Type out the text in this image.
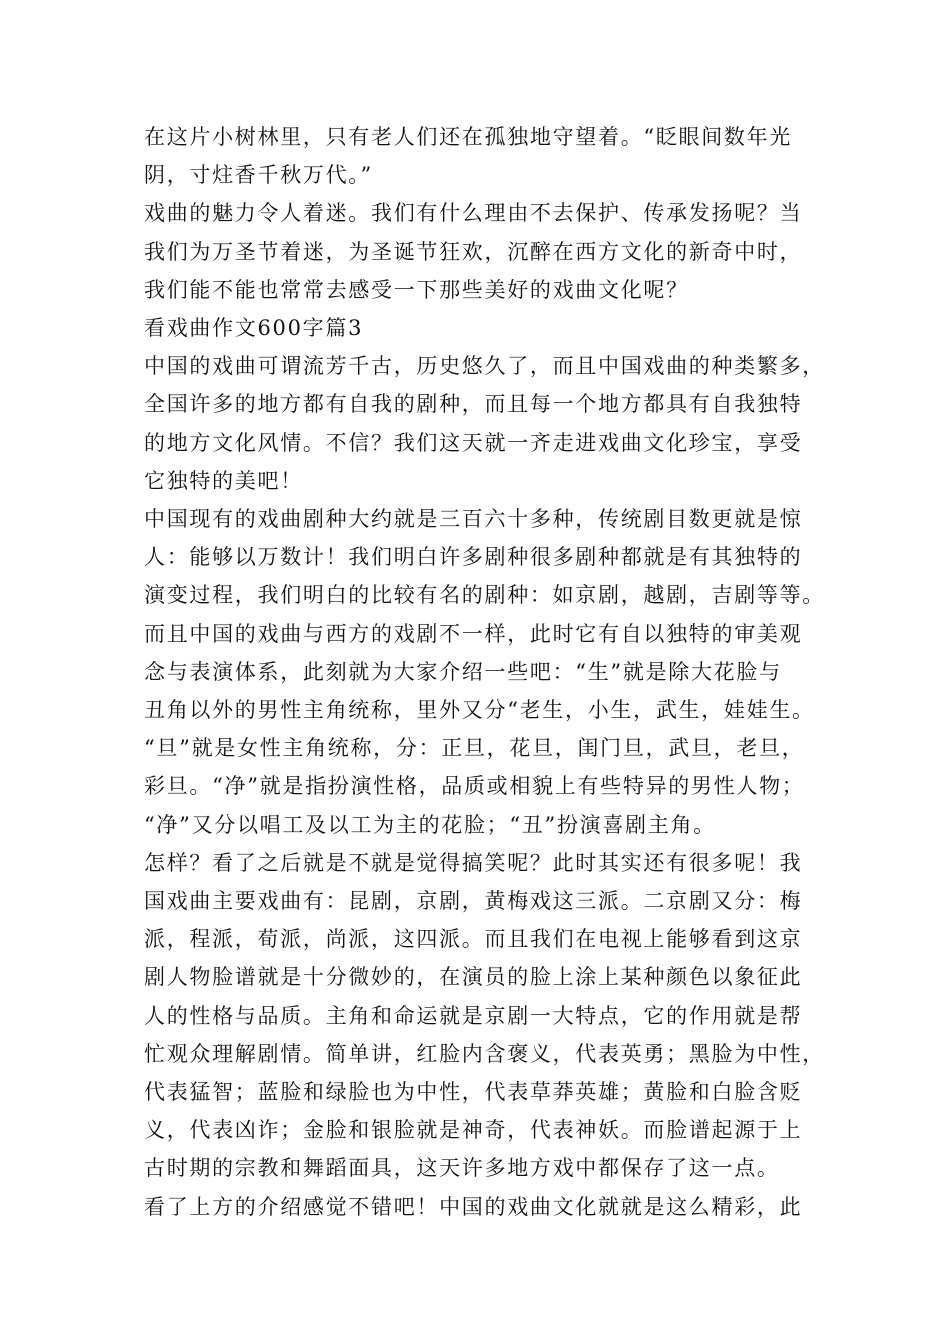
在这片小树林里，只有老人们还在孤独地守望着。“眨眼间数年光
阴，寸炷香千秋万代。”
戏曲的魅力令人着迷。我们有什么理由不去保护、传承发扬呢？当
我们为万圣节着迷，为圣诞节狂欢，沉醉在西方文化的新奇中时，
我们能不能也常常去感受一下那些美好的戏曲文化呢？
看戏曲作文600字篇3
中国的戏曲可谓流芳千古，历史悠久了，而且中国戏曲的种类繁多，
全国许多的地方都有自我的剧种，而且每一个地方都具有自我独特
的地方文化风情。不信？我们这天就一齐走进戏曲文化珍宝，享受
它独特的美吧！
中国现有的戏曲剧种大约就是三百六十多种，传统剧目数更就是惊
人：能够以万数计！我们明白许多剧种很多剧种都就是有其独特的
演变过程，我们明白的比较有名的剧种：如京剧，越剧，吉剧等等。
而且中国的戏曲与西方的戏剧不一样，此时它有自以独特的审美观
念与表演体系，此刻就为大家介绍一些吧：“生”就是除大花脸与
丑角以外的男性主角统称，里外又分“老生，小生，武生，娃娃生。
“旦”就是女性主角统称，分：正旦，花旦，闺门旦，武旦，老旦，
彩旦。“净”就是指扮演性格，品质或相貌上有些特异的男性人物；
“净”又分以唱工及以工为主的花脸；“丑”扮演喜剧主角。
怎样？看了之后就是不就是觉得搞笑呢？此时其实还有很多呢！我
国戏曲主要戏曲有：昆剧，京剧，黄梅戏这三派。二京剧又分：梅
派，程派，荀派，尚派，这四派。而且我们在电视上能够看到这京
剧人物脸谱就是十分微妙的，在演员的脸上涂上某种颜色以象征此
人的性格与品质。主角和命运就是京剧一大特点，它的作用就是帮
忙观众理解剧情。简单讲，红脸内含褒义，代表英勇；黑脸为中性，
代表猛智；蓝脸和绿脸也为中性，代表草莽英雄；黄脸和白脸含贬
义，代表凶诈；金脸和银脸就是神奇，代表神妖。而脸谱起源于上
古时期的宗教和舞蹈面具，这天许多地方戏中都保存了这一点。
看了上方的介绍感觉不错吧！中国的戏曲文化就就是这么精彩，此
